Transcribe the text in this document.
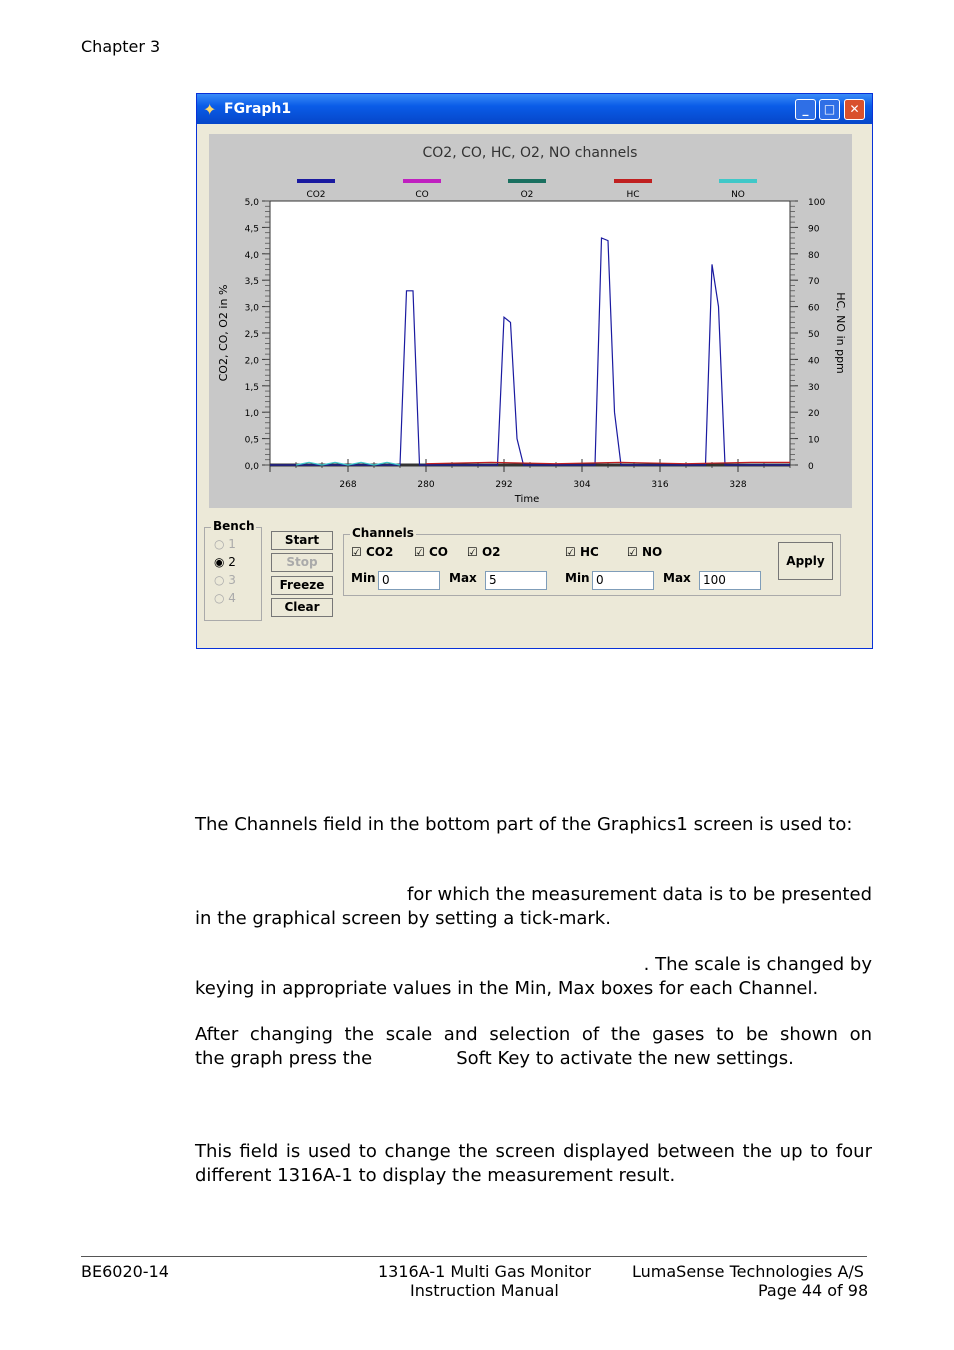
Chapter 3
✦ FGraph1	_	□	✕
CO2, CO, HC, O2, NO channels
CO2	CO	O2	HC	NO
5,0
4,5
4,0
3,5
3,0
2,5
2,0
1,5
1,0
0,5
0,0
100
90
80
70
60
50
40
30
20
10
0
268	280	292	304	316	328
CO2, CO, O2 in %	HC, NO in ppm
Time
Bench
Start
Stop
Freeze
Clear
Channels
☑ CO2 ☑ CO ☑ O2	☑ HC ☑ NO
Min 0	Max	5	Min 0	Max	100
Apply
○ 1
◉ 2
○ 3
○ 4
The Channels field in the bottom part of the Graphics1 screen is used to:
for which the measurement data is to be presented in the graphical screen by setting a tick-mark.
. The scale is changed by
keying in appropriate values in the Min, Max boxes for each Channel.
After changing the scale and selection of the gases to be shown on
the graph press the	Soft Key to activate the new settings.
This field is used to change the screen displayed between the up to four different 1316A-1 to display the measurement result.
BE6020-14	1316A-1 Multi Gas Monitor
Instruction Manual
LumaSense Technologies A/S
Page 44 of 98
